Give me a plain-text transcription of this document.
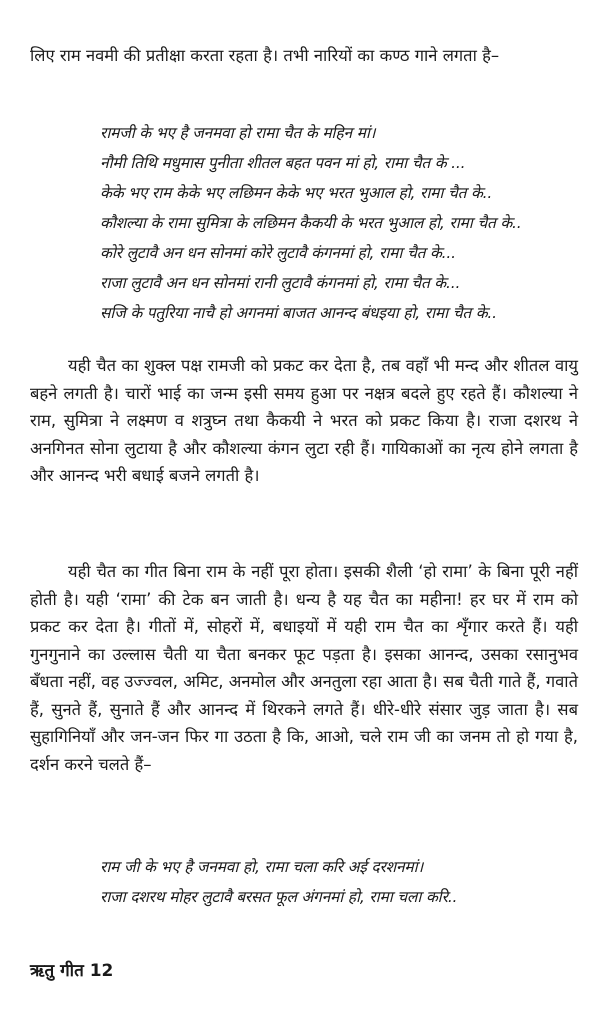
लिए राम नवमी की प्रतीक्षा करता रहता है। तभी नारियों का कण्ठ गाने लगता है–

रामजी के भए है जनमवा हो रामा चैत के महिन मां।
नौमी तिथि मधुमास पुनीता शीतल बहत पवन मां हो, रामा चैत के ...
केके भए राम केके भए लछिमन केके भए भरत भुआल हो, रामा चैत के..
कौशल्या के रामा सुमित्रा के लछिमन कैकयी के भरत भुआल हो, रामा चैत के..
कोरे लुटावै अन धन सोनमां कोरे लुटावै कंगनमां हो, रामा चैत के...
राजा लुटावै अन धन सोनमां रानी लुटावै कंगनमां हो, रामा चैत के...
सजि के पतुरिया नाचै हो अगनमां बाजत आनन्द बंधइया हो, रामा चैत के..

यही चैत का शुक्ल पक्ष रामजी को प्रकट कर देता है, तब वहाँ भी मन्द और शीतल वायु बहने लगती है। चारों भाई का जन्म इसी समय हुआ पर नक्षत्र बदले हुए रहते हैं। कौशल्या ने राम, सुमित्रा ने लक्ष्मण व शत्रुघ्न तथा कैकयी ने भरत को प्रकट किया है। राजा दशरथ ने अनगिनत सोना लुटाया है और कौशल्या कंगन लुटा रही हैं। गायिकाओं का नृत्य होने लगता है और आनन्द भरी बधाई बजने लगती है।

यही चैत का गीत बिना राम के नहीं पूरा होता। इसकी शैली ‘हो रामा’ के बिना पूरी नहीं होती है। यही ‘रामा’ की टेक बन जाती है। धन्य है यह चैत का महीना! हर घर में राम को प्रकट कर देता है। गीतों में, सोहरों में, बधाइयों में यही राम चैत का शृँगार करते हैं। यही गुनगुनाने का उल्लास चैती या चैता बनकर फूट पड़ता है। इसका आनन्द, उसका रसानुभव बँधता नहीं, वह उज्ज्वल, अमिट, अनमोल और अनतुला रहा आता है। सब चैती गाते हैं, गवाते हैं, सुनते हैं, सुनाते हैं और आनन्द में थिरकने लगते हैं। धीरे-धीरे संसार जुड़ जाता है। सब सुहागिनियाँ और जन-जन फिर गा उठता है कि, आओ, चले राम जी का जनम तो हो गया है, दर्शन करने चलते हैं–

राम जी के भए है जनमवा हो, रामा चला करि अई दरशनमां।
राजा दशरथ मोहर लुटावै बरसत फूल अंगनमां हो, रामा चला करि..

ऋतु गीत 12
